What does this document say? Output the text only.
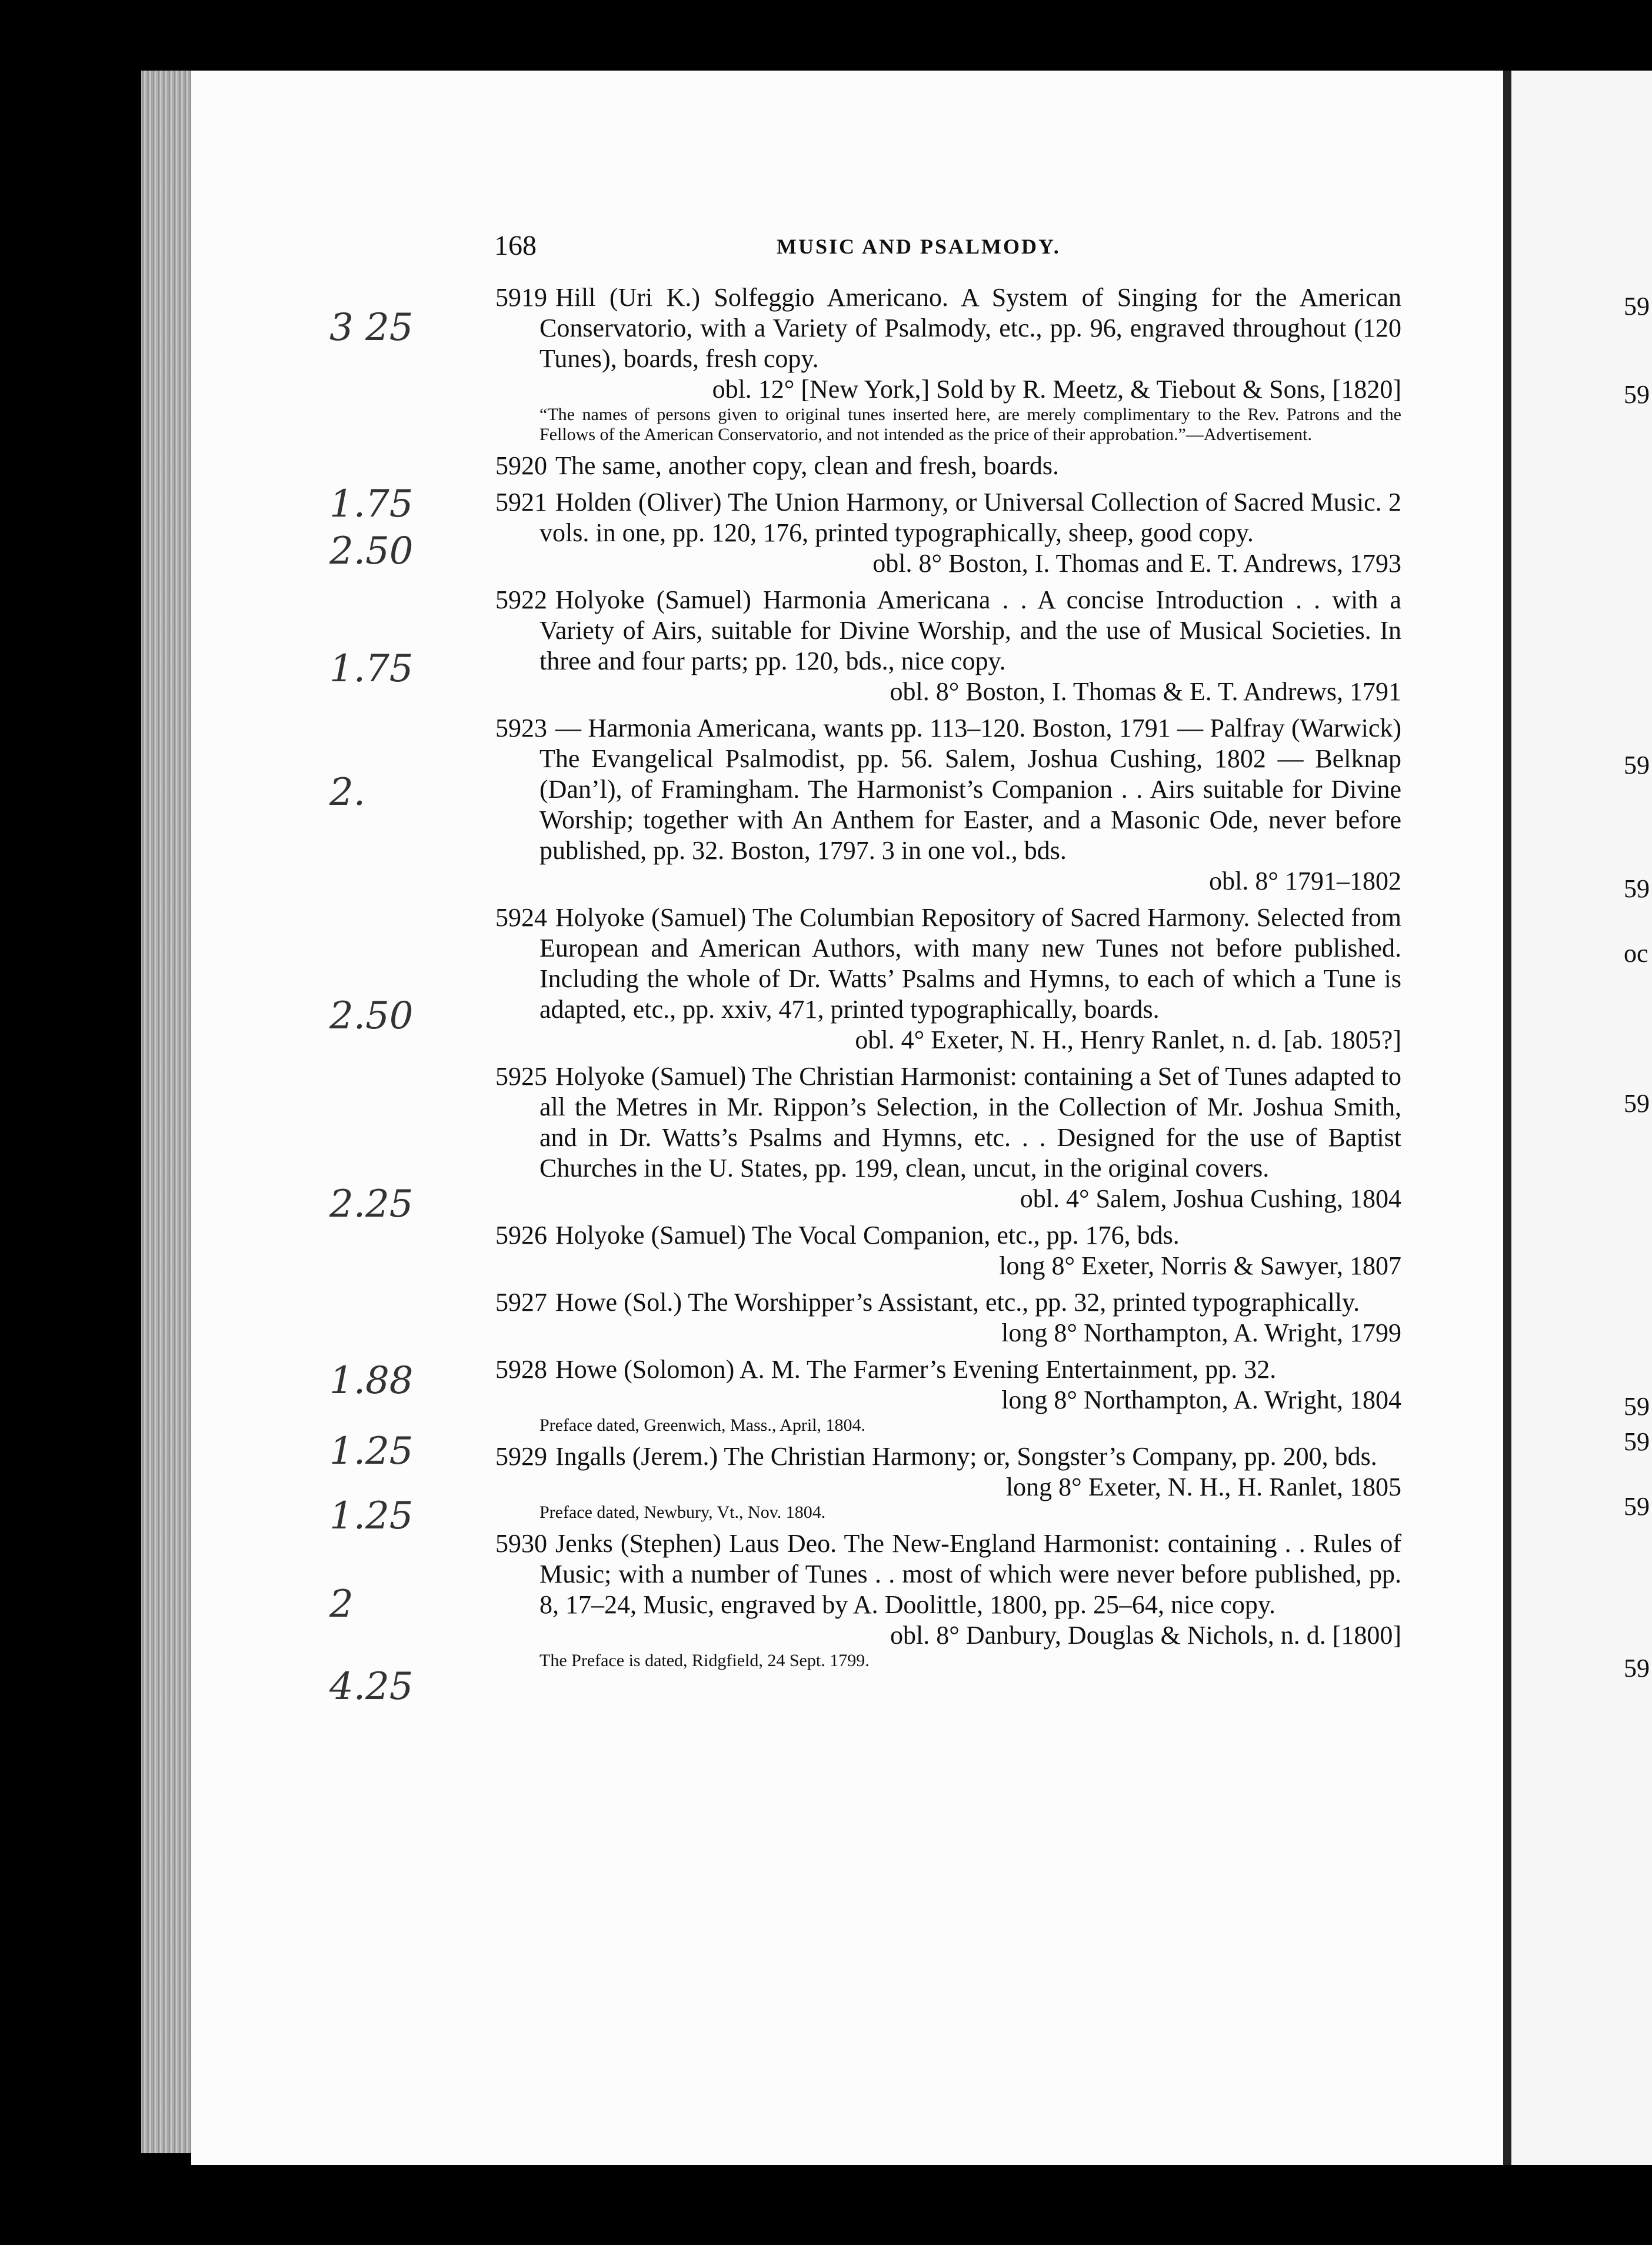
168	MUSIC AND PSALMODY.
3 25
1.75
2.50
1.75
2.
2.50
2.25
1.88
1.25
1.25
2
4.25
59
59
59
59
oc
59
59
59
59
59
5919 Hill (Uri K.) Solfeggio Americano. A System of Singing for the American Conservatorio, with a Variety of Psalmody, etc., pp. 96, engraved throughout (120 Tunes), boards, fresh copy.
obl. 12° [New York,] Sold by R. Meetz, & Tiebout & Sons, [1820]
“The names of persons given to original tunes inserted here, are merely complimentary to the Rev. Patrons and the Fellows of the American Conservatorio, and not intended as the price of their approbation.”—Advertisement.
5920 The same, another copy, clean and fresh, boards.
5921 Holden (Oliver) The Union Harmony, or Universal Collection of Sacred Music. 2 vols. in one, pp. 120, 176, printed typographically, sheep, good copy.
obl. 8° Boston, I. Thomas and E. T. Andrews, 1793
5922 Holyoke (Samuel) Harmonia Americana . . A concise Introduction . . with a Variety of Airs, suitable for Divine Worship, and the use of Musical Societies. In three and four parts; pp. 120, bds., nice copy.
obl. 8° Boston, I. Thomas & E. T. Andrews, 1791
5923 — Harmonia Americana, wants pp. 113–120. Boston, 1791 — Palfray (Warwick) The Evangelical Psalmodist, pp. 56. Salem, Joshua Cushing, 1802 — Belknap (Dan’l), of Framingham. The Harmonist’s Companion . . Airs suitable for Divine Worship; together with An Anthem for Easter, and a Masonic Ode, never before published, pp. 32. Boston, 1797. 3 in one vol., bds.
obl. 8° 1791–1802
5924 Holyoke (Samuel) The Columbian Repository of Sacred Harmony. Selected from European and American Authors, with many new Tunes not before published. Including the whole of Dr. Watts’ Psalms and Hymns, to each of which a Tune is adapted, etc., pp. xxiv, 471, printed typographically, boards.
obl. 4° Exeter, N. H., Henry Ranlet, n. d. [ab. 1805?]
5925 Holyoke (Samuel) The Christian Harmonist: containing a Set of Tunes adapted to all the Metres in Mr. Rippon’s Selection, in the Collection of Mr. Joshua Smith, and in Dr. Watts’s Psalms and Hymns, etc. . . Designed for the use of Baptist Churches in the U. States, pp. 199, clean, uncut, in the original covers.
obl. 4° Salem, Joshua Cushing, 1804
5926 Holyoke (Samuel) The Vocal Companion, etc., pp. 176, bds.
long 8° Exeter, Norris & Sawyer, 1807
5927 Howe (Sol.) The Worshipper’s Assistant, etc., pp. 32, printed typographically.
long 8° Northampton, A. Wright, 1799
5928 Howe (Solomon) A. M. The Farmer’s Evening Entertainment, pp. 32.
long 8° Northampton, A. Wright, 1804
Preface dated, Greenwich, Mass., April, 1804.
5929 Ingalls (Jerem.) The Christian Harmony; or, Songster’s Company, pp. 200, bds.
long 8° Exeter, N. H., H. Ranlet, 1805
Preface dated, Newbury, Vt., Nov. 1804.
5930 Jenks (Stephen) Laus Deo. The New-England Harmonist: containing . . Rules of Music; with a number of Tunes . . most of which were never before published, pp. 8, 17–24, Music, engraved by A. Doolittle, 1800, pp. 25–64, nice copy.
obl. 8° Danbury, Douglas & Nichols, n. d. [1800]
The Preface is dated, Ridgfield, 24 Sept. 1799.
